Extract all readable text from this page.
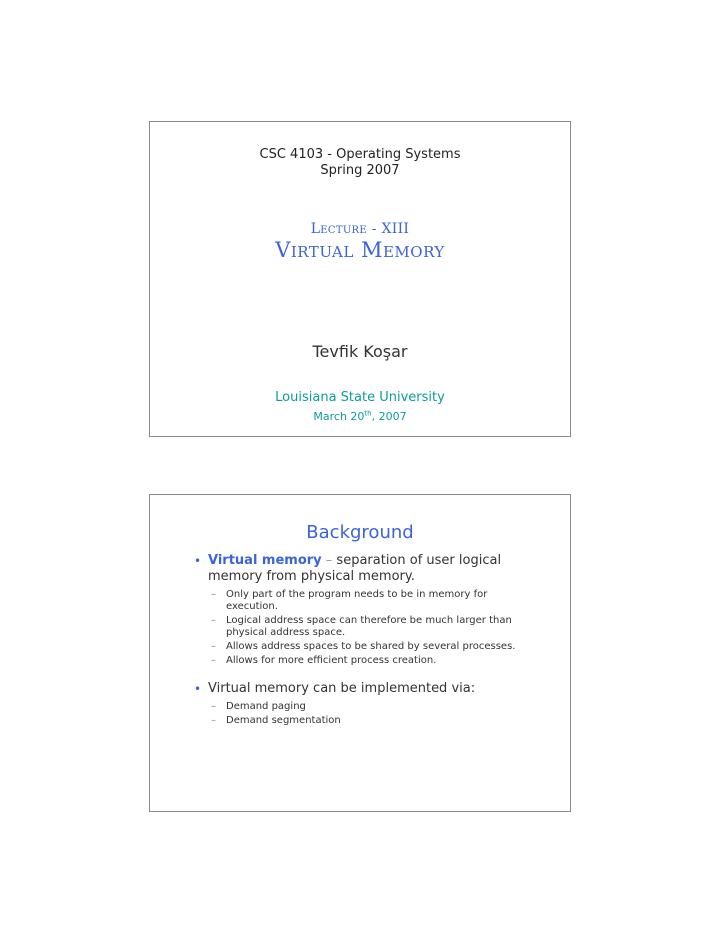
CSC 4103 - Operating Systems
Spring 2007
Lecture - XIII
Virtual Memory
Tevfik Koşar
Louisiana State University
March 20th, 2007
Background
• Virtual memory – separation of user logical memory from physical memory.
– Only part of the program needs to be in memory for execution.
– Logical address space can therefore be much larger than physical address space.
– Allows address spaces to be shared by several processes.
– Allows for more efficient process creation.
• Virtual memory can be implemented via:
– Demand paging
– Demand segmentation
